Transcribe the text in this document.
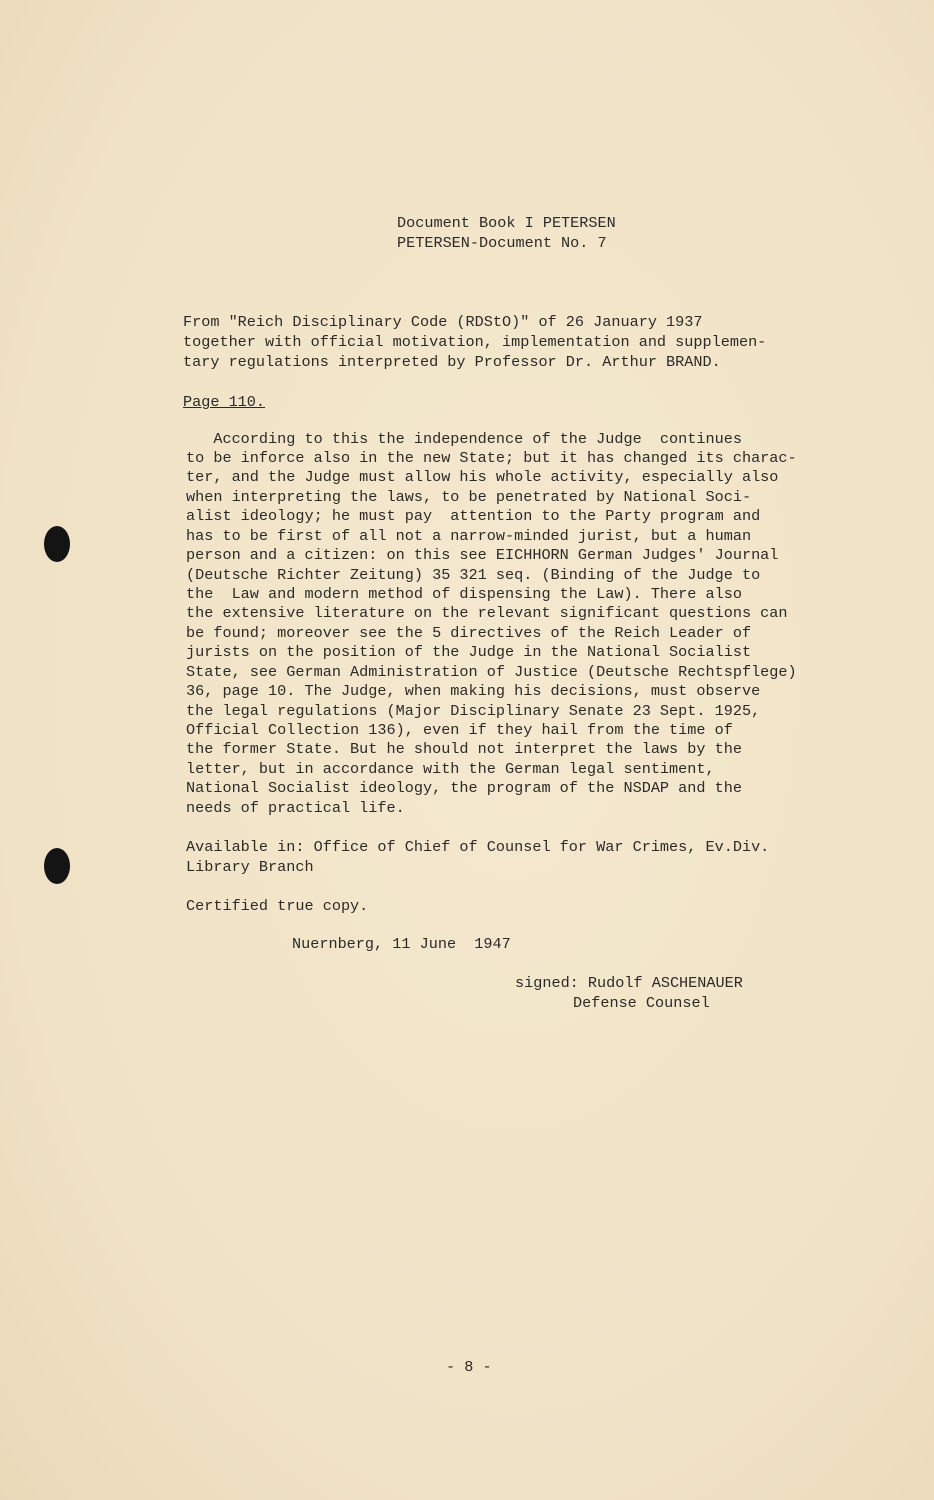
Document Book I PETERSEN
PETERSEN-Document No. 7
From "Reich Disciplinary Code (RDStO)" of 26 January 1937
together with official motivation, implementation and supplemen-
tary regulations interpreted by Professor Dr. Arthur BRAND.
Page 110.
According to this the independence of the Judge  continues
to be inforce also in the new State; but it has changed its charac-
ter, and the Judge must allow his whole activity, especially also
when interpreting the laws, to be penetrated by National Soci-
alist ideology; he must pay  attention to the Party program and
has to be first of all not a narrow-minded jurist, but a human
person and a citizen: on this see EICHHORN German Judges' Journal
(Deutsche Richter Zeitung) 35 321 seq. (Binding of the Judge to
the  Law and modern method of dispensing the Law). There also
the extensive literature on the relevant significant questions can
be found; moreover see the 5 directives of the Reich Leader of
jurists on the position of the Judge in the National Socialist
State, see German Administration of Justice (Deutsche Rechtspflege)
36, page 10. The Judge, when making his decisions, must observe
the legal regulations (Major Disciplinary Senate 23 Sept. 1925,
Official Collection 136), even if they hail from the time of
the former State. But he should not interpret the laws by the
letter, but in accordance with the German legal sentiment,
National Socialist ideology, the program of the NSDAP and the
needs of practical life.
Available in: Office of Chief of Counsel for War Crimes, Ev.Div.
Library Branch
Certified true copy.
Nuernberg, 11 June  1947
signed: Rudolf ASCHENAUER
Defense Counsel
- 8 -
